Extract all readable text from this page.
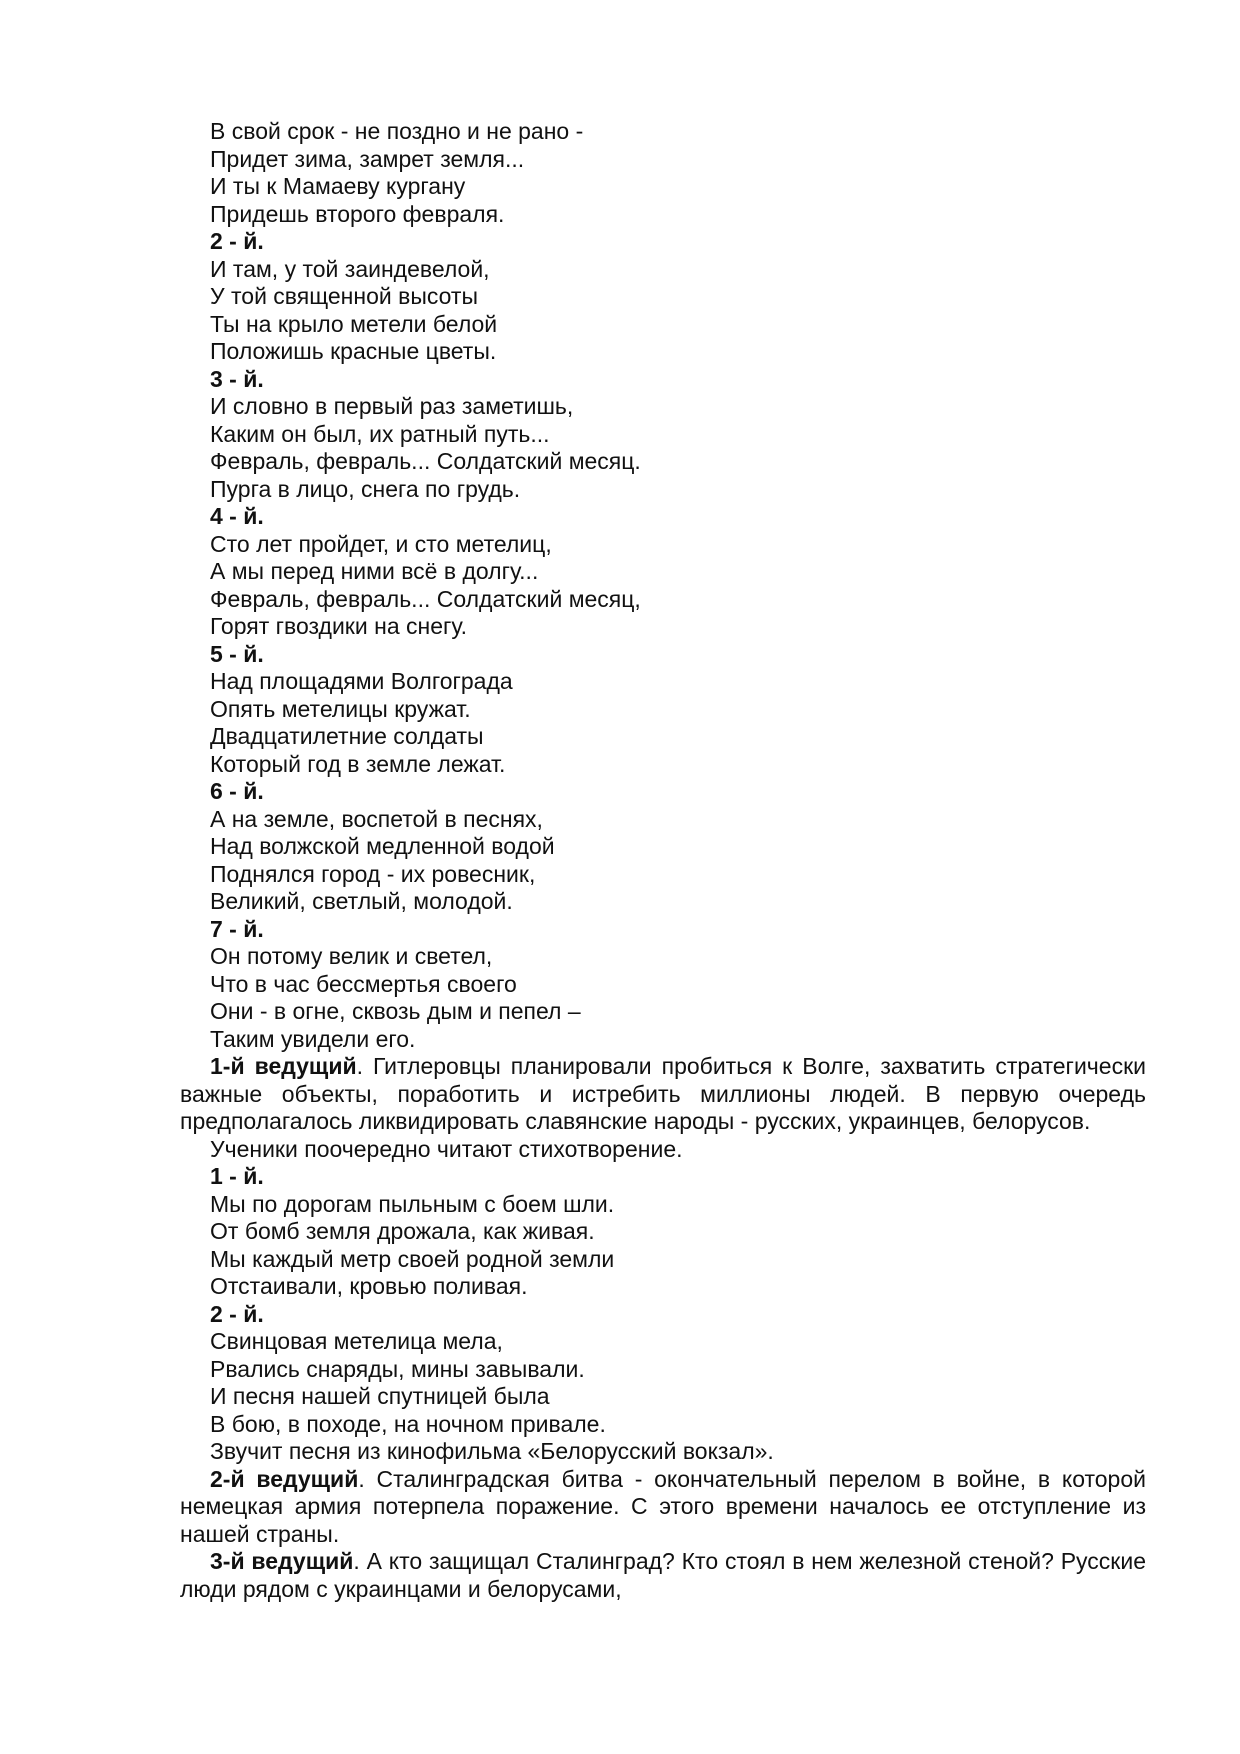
В свой срок - не поздно и не рано -
Придет зима, замрет земля...
И ты к Мамаеву кургану
Придешь второго февраля.
2 - й.
И там, у той заиндевелой,
У той священной высоты
Ты на крыло метели белой
Положишь красные цветы.
3 - й.
И словно в первый раз заметишь,
Каким он был, их ратный путь...
Февраль, февраль... Солдатский месяц.
Пурга в лицо, снега по грудь.
4 - й.
Сто лет пройдет, и сто метелиц,
А мы перед ними всё в долгу...
Февраль, февраль... Солдатский месяц,
Горят гвоздики на снегу.
5 - й.
Над площадями Волгограда
Опять метелицы кружат.
Двадцатилетние солдаты
Который год в земле лежат.
6 - й.
А на земле, воспетой в песнях,
Над волжской медленной водой
Поднялся город - их ровесник,
Великий, светлый, молодой.
7 - й.
Он потому велик и светел,
Что в час бессмертья своего
Они - в огне, сквозь дым и пепел –
Таким увидели его.

1-й ведущий. Гитлеровцы планировали пробиться к Волге, захватить стратегически важные объекты, поработить и истребить миллионы людей. В первую очередь предполагалось ликвидировать славянские народы - русских, украинцев, белорусов.

Ученики поочередно читают стихотворение.
1 - й.
Мы по дорогам пыльным с боем шли.
От бомб земля дрожала, как живая.
Мы каждый метр своей родной земли
Отстаивали, кровью поливая.
2 - й.
Свинцовая метелица мела,
Рвались снаряды, мины завывали.
И песня нашей спутницей была
В бою, в походе, на ночном привале.
Звучит песня из кинофильма «Белорусский вокзал».

2-й ведущий. Сталинградская битва - окончательный перелом в войне, в которой немецкая армия потерпела поражение. С этого времени началось ее отступление из нашей страны.

3-й ведущий. А кто защищал Сталинград? Кто стоял в нем железной стеной? Русские люди рядом с украинцами и белорусами,
